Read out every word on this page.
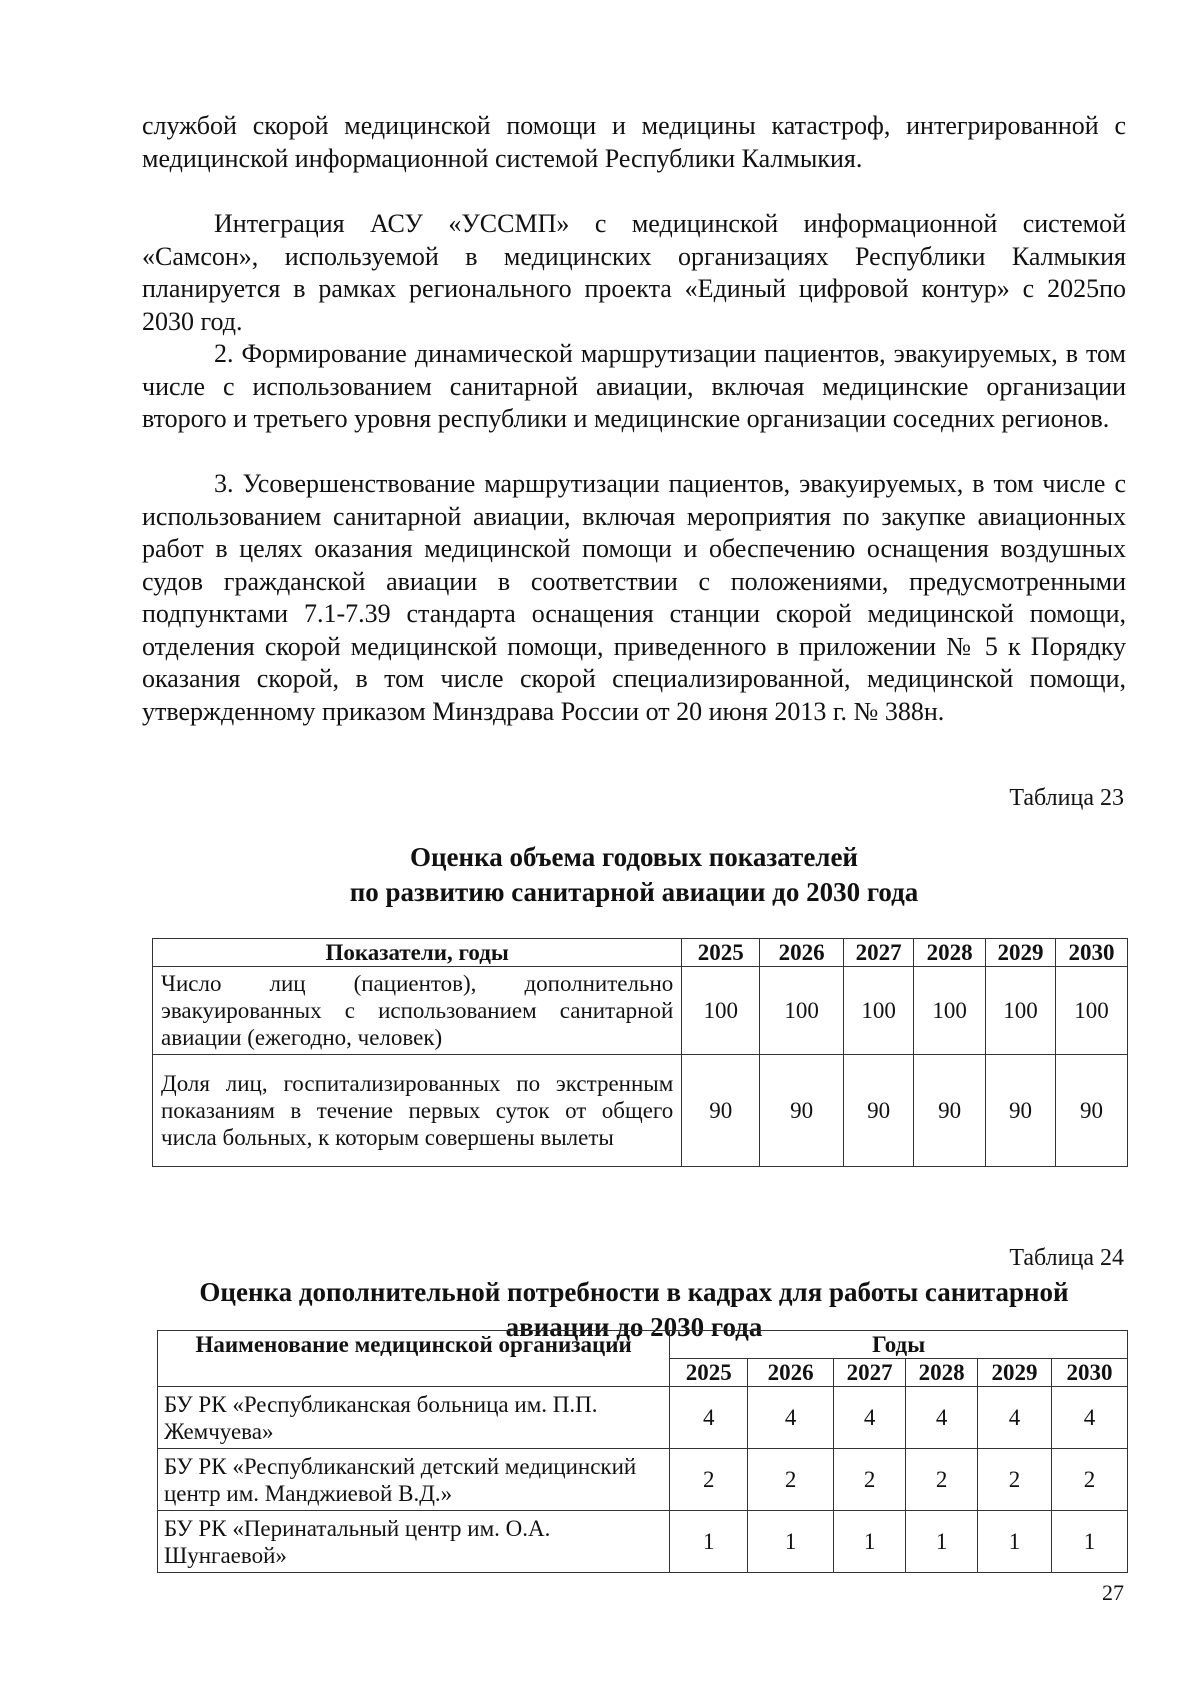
службой скорой медицинской помощи и медицины катастроф, интегрированной с медицинской информационной системой Республики Калмыкия.

Интеграция АСУ «УССМП» с медицинской информационной системой «Самсон», используемой в медицинских организациях Республики Калмыкия планируется в рамках регионального проекта «Единый цифровой контур» с 2025по 2030 год.

2. Формирование динамической маршрутизации пациентов, эвакуируемых, в том числе с использованием санитарной авиации, включая медицинские организации второго и третьего уровня республики и медицинские организации соседних регионов.

3. Усовершенствование маршрутизации пациентов, эвакуируемых, в том числе с использованием санитарной авиации, включая мероприятия по закупке авиационных работ в целях оказания медицинской помощи и обеспечению оснащения воздушных судов гражданской авиации в соответствии с положениями, предусмотренными подпунктами 7.1-7.39 стандарта оснащения станции скорой медицинской помощи, отделения скорой медицинской помощи, приведенного в приложении № 5 к Порядку оказания скорой, в том числе скорой специализированной, медицинской помощи, утвержденному приказом Минздрава России от 20 июня 2013 г. № 388н.

Таблица 23

Оценка объема годовых показателей
по развитию санитарной авиации до 2030 года

Показатели, годы	2025	2026	2027	2028	2029	2030
Число лиц (пациентов), дополнительно эвакуированных с использованием санитарной авиации (ежегодно, человек)	100	100	100	100	100	100
Доля лиц, госпитализированных по экстренным показаниям в течение первых суток от общего числа больных, к которым совершены вылеты	90	90	90	90	90	90

Таблица 24

Оценка дополнительной потребности в кадрах для работы санитарной
авиации до 2030 года

Наименование медицинской организации	Годы					
	2025	2026	2027	2028	2029	2030
БУ РК «Республиканская больница им. П.П. Жемчуева»	4	4	4	4	4	4
БУ РК «Республиканский детский медицинский центр им. Манджиевой В.Д.»	2	2	2	2	2	2
БУ РК «Перинатальный центр им. О.А. Шунгаевой»	1	1	1	1	1	1

27
